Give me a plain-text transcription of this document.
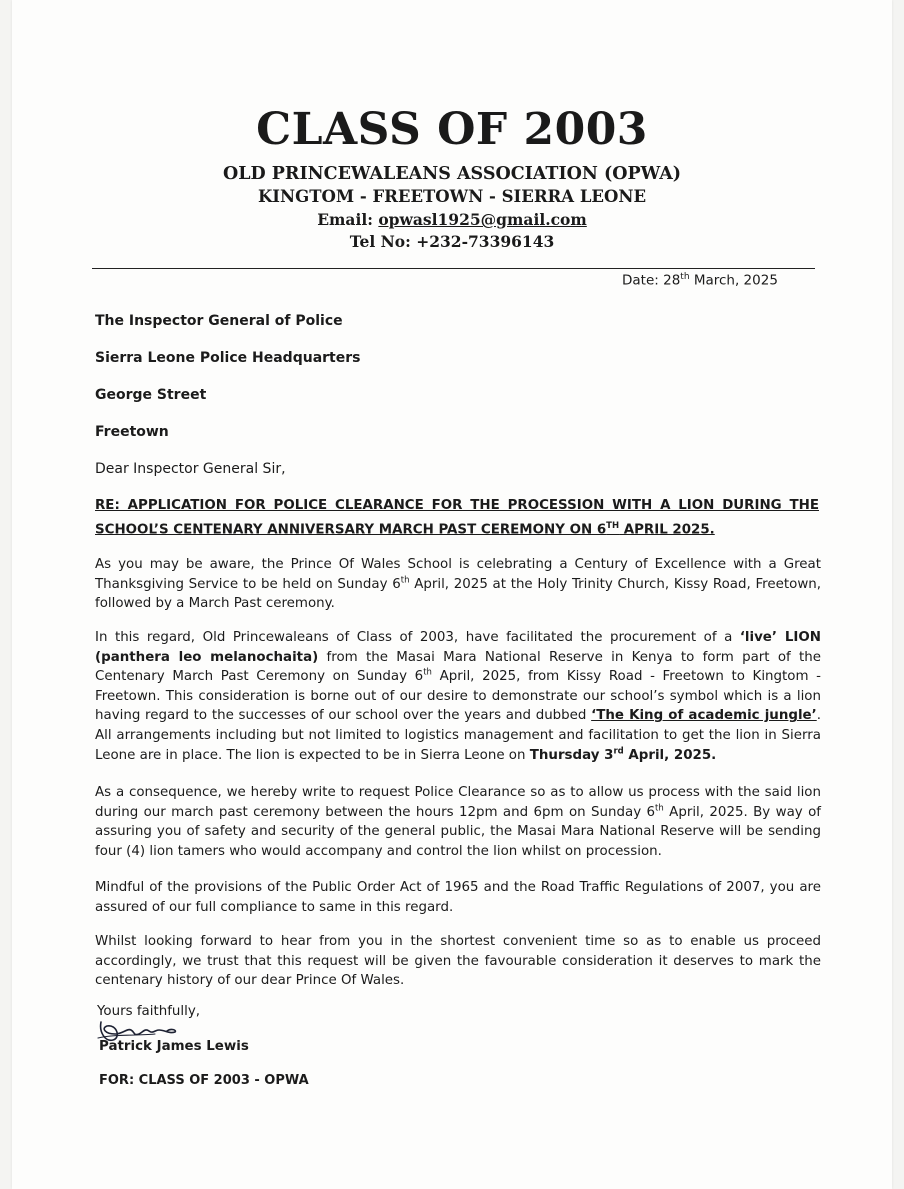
CLASS OF 2003
OLD PRINCEWALEANS ASSOCIATION (OPWA)
KINGTOM - FREETOWN - SIERRA LEONE
Email: opwasl1925@gmail.com
Tel No: +232-73396143
Date: 28th March, 2025
The Inspector General of Police
Sierra Leone Police Headquarters
George Street
Freetown
Dear Inspector General Sir,
RE: APPLICATION FOR POLICE CLEARANCE FOR THE PROCESSION WITH A LION DURING THE SCHOOL’S CENTENARY ANNIVERSARY MARCH PAST CEREMONY ON 6TH APRIL 2025.
As you may be aware, the Prince Of Wales School is celebrating a Century of Excellence with a Great Thanksgiving Service to be held on Sunday 6th April, 2025 at the Holy Trinity Church, Kissy Road, Freetown, followed by a March Past ceremony.
In this regard, Old Princewaleans of Class of 2003, have facilitated the procurement of a ‘live’ LION (panthera leo melanochaita) from the Masai Mara National Reserve in Kenya to form part of the Centenary March Past Ceremony on Sunday 6th April, 2025, from Kissy Road - Freetown to Kingtom - Freetown. This consideration is borne out of our desire to demonstrate our school’s symbol which is a lion having regard to the successes of our school over the years and dubbed ‘The King of academic jungle’. All arrangements including but not limited to logistics management and facilitation to get the lion in Sierra Leone are in place. The lion is expected to be in Sierra Leone on Thursday 3rd April, 2025.
As a consequence, we hereby write to request Police Clearance so as to allow us process with the said lion during our march past ceremony between the hours 12pm and 6pm on Sunday 6th April, 2025. By way of assuring you of safety and security of the general public, the Masai Mara National Reserve will be sending four (4) lion tamers who would accompany and control the lion whilst on procession.
Mindful of the provisions of the Public Order Act of 1965 and the Road Traffic Regulations of 2007, you are assured of our full compliance to same in this regard.
Whilst looking forward to hear from you in the shortest convenient time so as to enable us proceed accordingly, we trust that this request will be given the favourable consideration it deserves to mark the centenary history of our dear Prince Of Wales.
Yours faithfully,
Patrick James Lewis
FOR: CLASS OF 2003 - OPWA
